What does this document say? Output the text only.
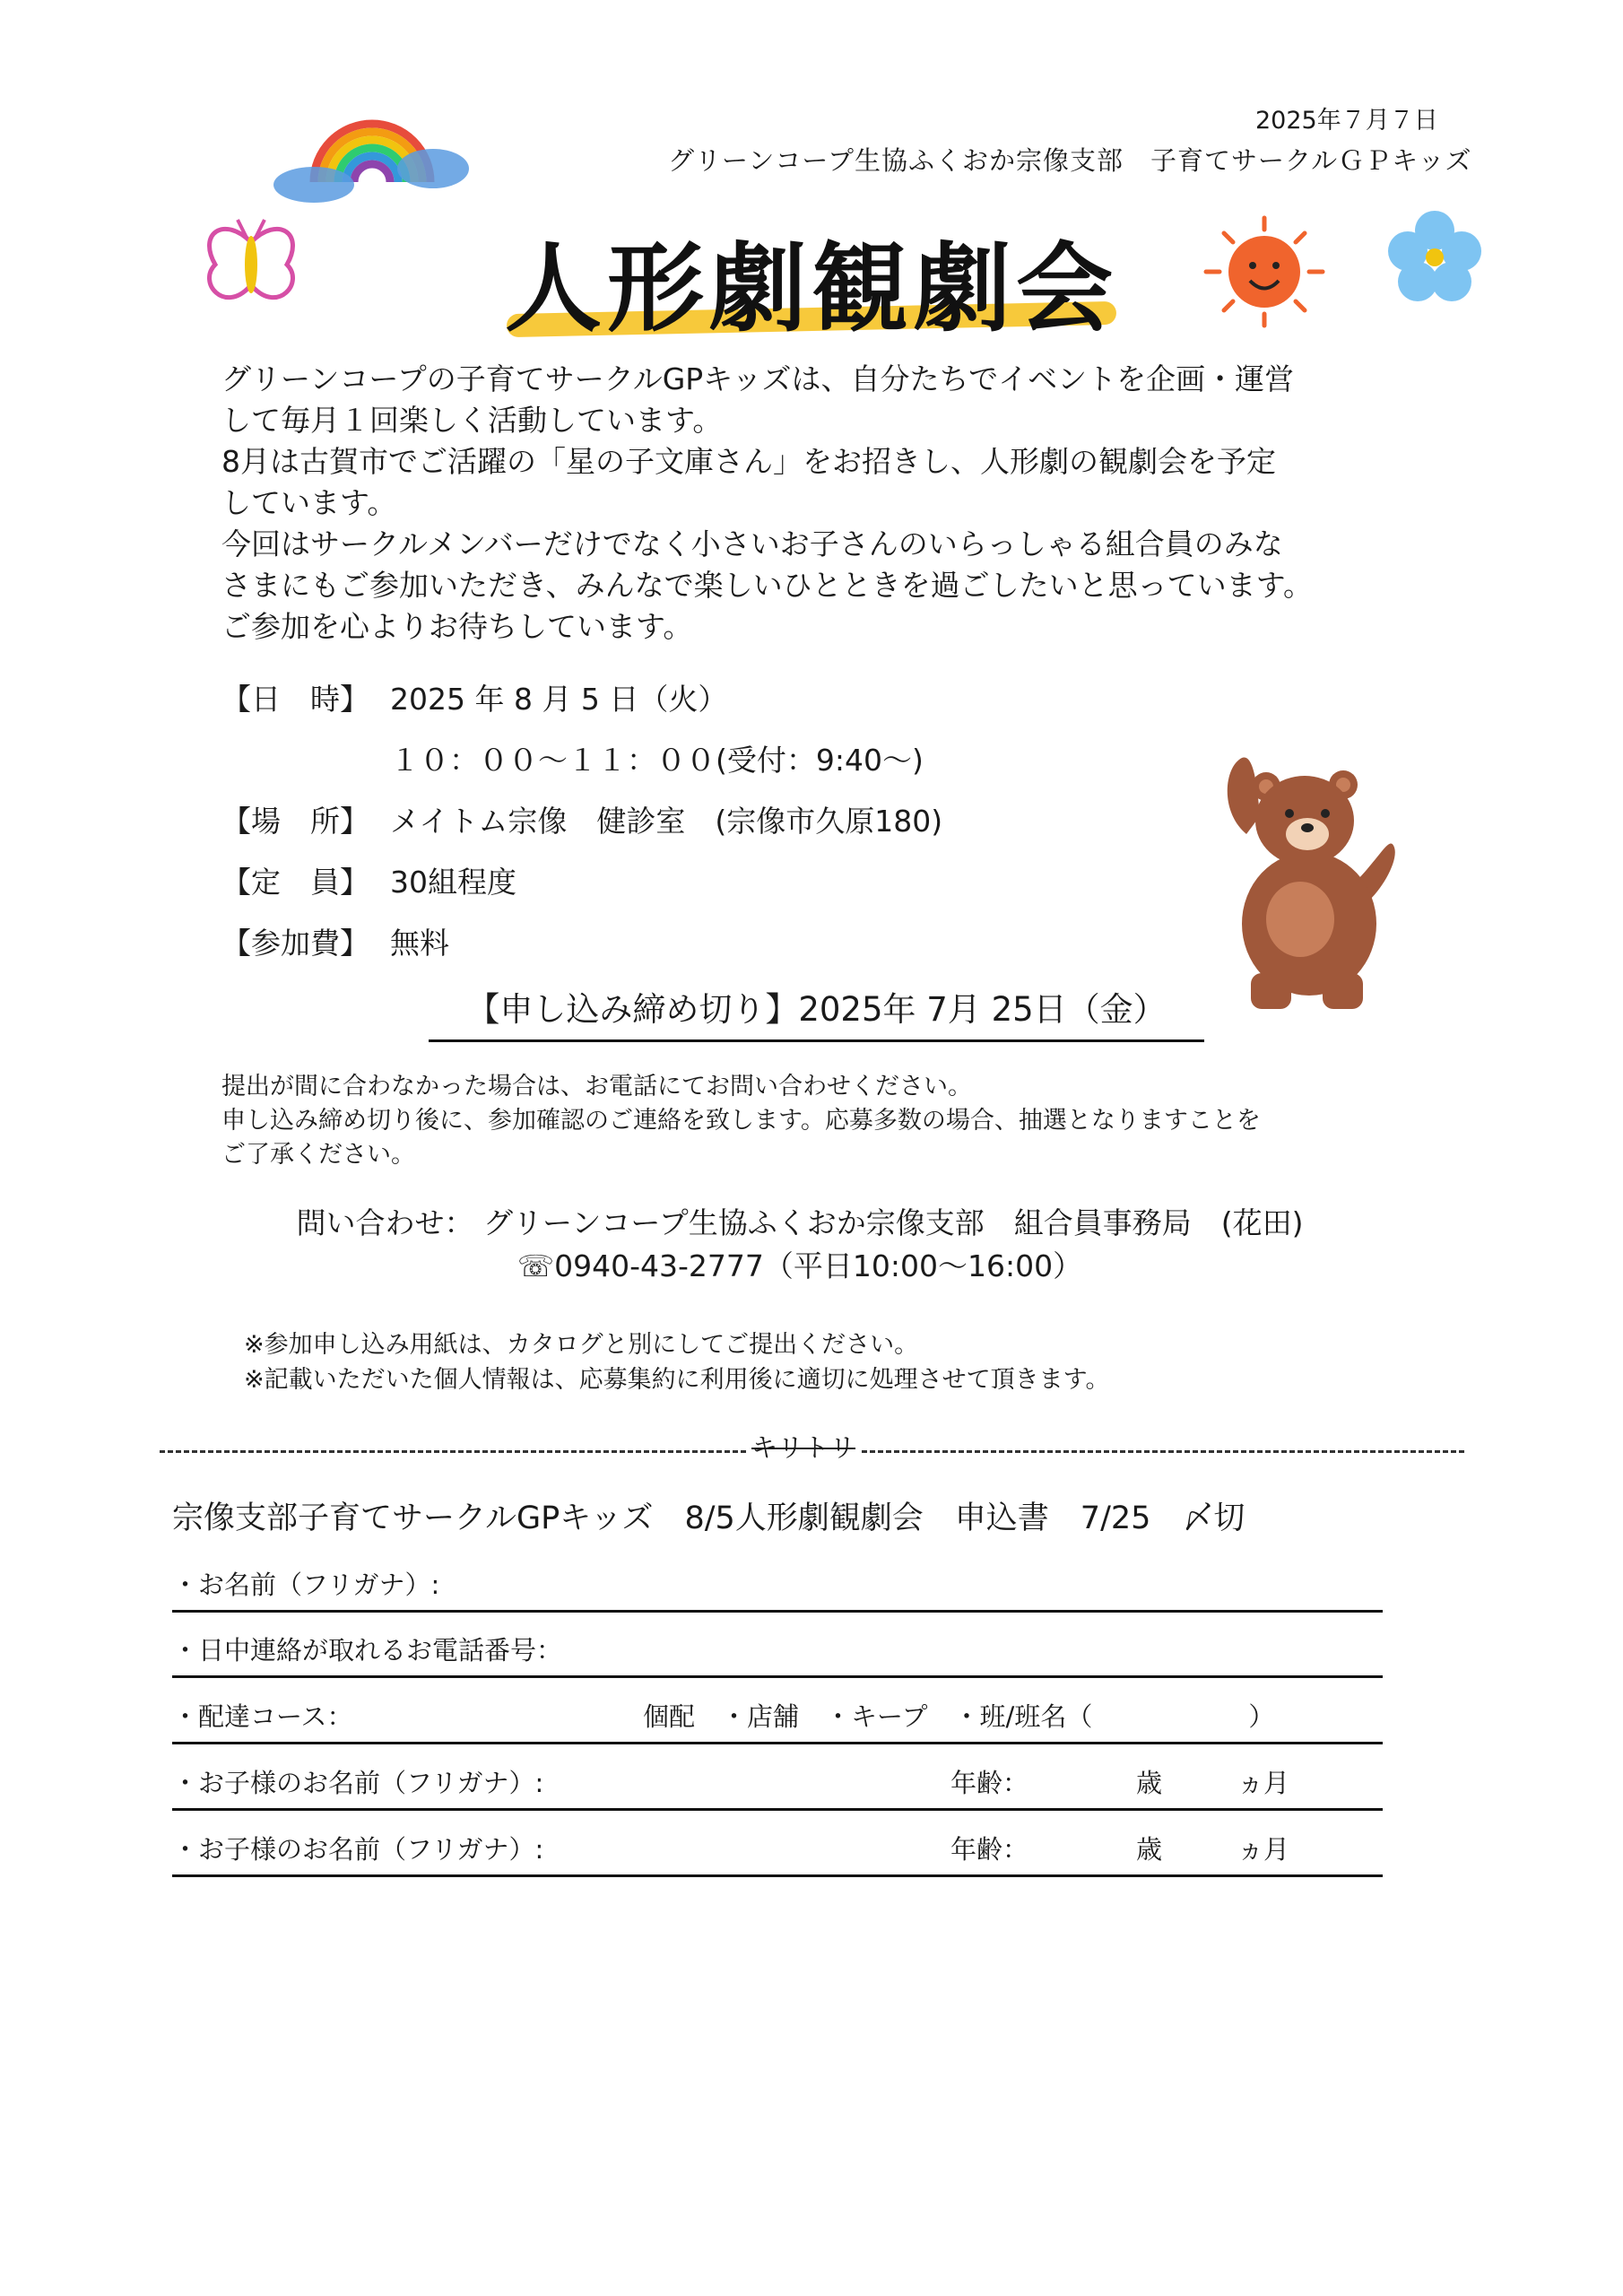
2025年７月７日
グリーンコープ生協ふくおか宗像支部　子育てサークルＧＰキッズ
人形劇観劇会

グリーンコープの子育てサークルGPキッズは、自分たちでイベントを企画・運営

して毎月１回楽しく活動しています。

8月は古賀市でご活躍の「星の子文庫さん」をお招きし、人形劇の観劇会を予定

しています。

今回はサークルメンバーだけでなく小さいお子さんのいらっしゃる組合員のみな

さまにもご参加いただき、みんなで楽しいひとときを過ごしたいと思っています。

ご参加を心よりお待ちしています。

【日　時】 2025 年 8 月 5 日（火）
１０：００～１１：００(受付：9:40～)
【場　所】 メイトム宗像　健診室　(宗像市久原180)
【定　員】 30組程度
【参加費】 無料
【申し込み締め切り】2025年 7月 25日（金）

提出が間に合わなかった場合は、お電話にてお問い合わせください。

申し込み締め切り後に、参加確認のご連絡を致します。応募多数の場合、抽選となりますことを

ご了承ください。

問い合わせ： グリーンコープ生協ふくおか宗像支部　組合員事務局　(花田)

☏0940-43-2777（平日10:00～16:00）

※参加申し込み用紙は、カタログと別にしてご提出ください。

※記載いただいた個人情報は、応募集約に利用後に適切に処理させて頂きます。

キリトリ
宗像支部子育てサークルGPキッズ　8/5人形劇観劇会　申込書　7/25　〆切
・お名前（フリガナ）:
・日中連絡が取れるお電話番号：
・配達コース：	個配　・店舗　・キープ　・班/班名（　　　　　　）
・お子様のお名前（フリガナ）:	年齢：	歳	ヵ月
・お子様のお名前（フリガナ）:	年齢：	歳	ヵ月
